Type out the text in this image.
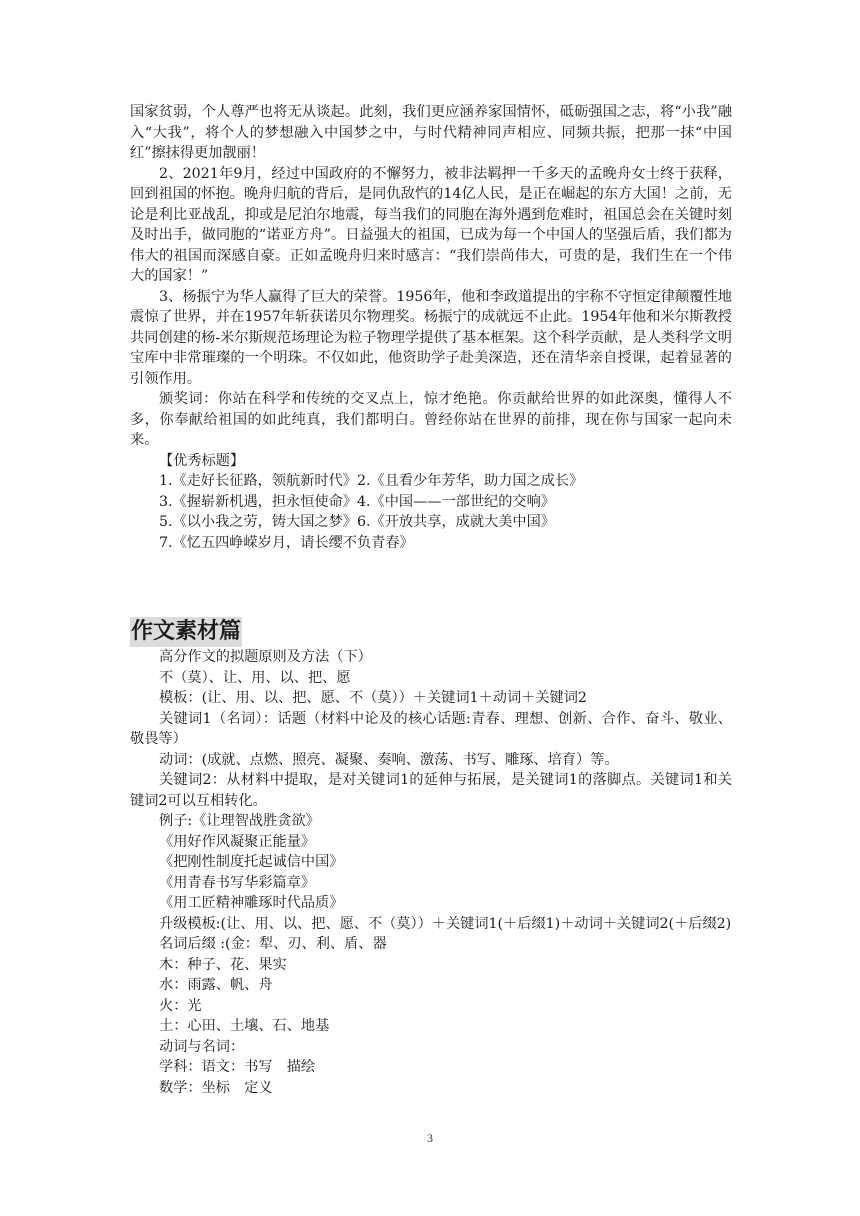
国家贫弱，个人尊严也将无从谈起。此刻，我们更应涵养家国情怀，砥砺强国之志，将“小我”融入“大我”，将个人的梦想融入中国梦之中，与时代精神同声相应、同频共振，把那一抹“中国红”擦抹得更加靓丽！

2、2021年9月，经过中国政府的不懈努力，被非法羁押一千多天的孟晚舟女士终于获释，回到祖国的怀抱。晚舟归航的背后，是同仇敌忾的14亿人民，是正在崛起的东方大国！之前，无论是利比亚战乱，抑或是尼泊尔地震，每当我们的同胞在海外遇到危难时，祖国总会在关键时刻及时出手，做同胞的“诺亚方舟”。日益强大的祖国，已成为每一个中国人的坚强后盾，我们都为伟大的祖国而深感自豪。正如孟晚舟归来时感言：“我们崇尚伟大，可贵的是，我们生在一个伟大的国家！”

3、杨振宁为华人赢得了巨大的荣誉。1956年，他和李政道提出的宇称不守恒定律颠覆性地震惊了世界，并在1957年斩获诺贝尔物理奖。杨振宁的成就远不止此。1954年他和米尔斯教授共同创建的杨-米尔斯规范场理论为粒子物理学提供了基本框架。这个科学贡献，是人类科学文明宝库中非常璀璨的一个明珠。不仅如此，他资助学子赴美深造，还在清华亲自授课，起着显著的引领作用。

颁奖词：你站在科学和传统的交叉点上，惊才绝艳。你贡献给世界的如此深奥，懂得人不多，你奉献给祖国的如此纯真，我们都明白。曾经你站在世界的前排，现在你与国家一起向未来。

【优秀标题】

1.《走好长征路，领航新时代》2.《且看少年芳华，助力国之成长》

3.《握崭新机遇，担永恒使命》4.《中国——一部世纪的交响》

5.《以小我之劳，铸大国之梦》6.《开放共享，成就大美中国》

7.《忆五四峥嵘岁月，请长缨不负青春》

作文素材篇

高分作文的拟题原则及方法（下）

不（莫）、让、用、以、把、愿

模板：(让、用、以、把、愿、不（莫））＋关键词1＋动词＋关键词2

关键词1（名词）：话题（材料中论及的核心话题:青春、理想、创新、合作、奋斗、敬业、敬畏等）

动词：(成就、点燃、照亮、凝聚、奏响、激荡、书写、雕琢、培育）等。

关键词2：从材料中提取，是对关键词1的延伸与拓展，是关键词1的落脚点。关键词1和关键词2可以互相转化。

例子:《让理智战胜贪欲》

《用好作风凝聚正能量》

《把刚性制度托起诚信中国》

《用青春书写华彩篇章》

《用工匠精神雕琢时代品质》

升级模板:(让、用、以、把、愿、不（莫））＋关键词1(＋后缀1)＋动词＋关键词2(＋后缀2)

名词后缀 :(金：犁、刃、利、盾、器

木：种子、花、果实

水：雨露、帆、舟

火：光

土：心田、土壤、石、地基

动词与名词：

学科：语文：书写　描绘

数学：坐标　定义

3
